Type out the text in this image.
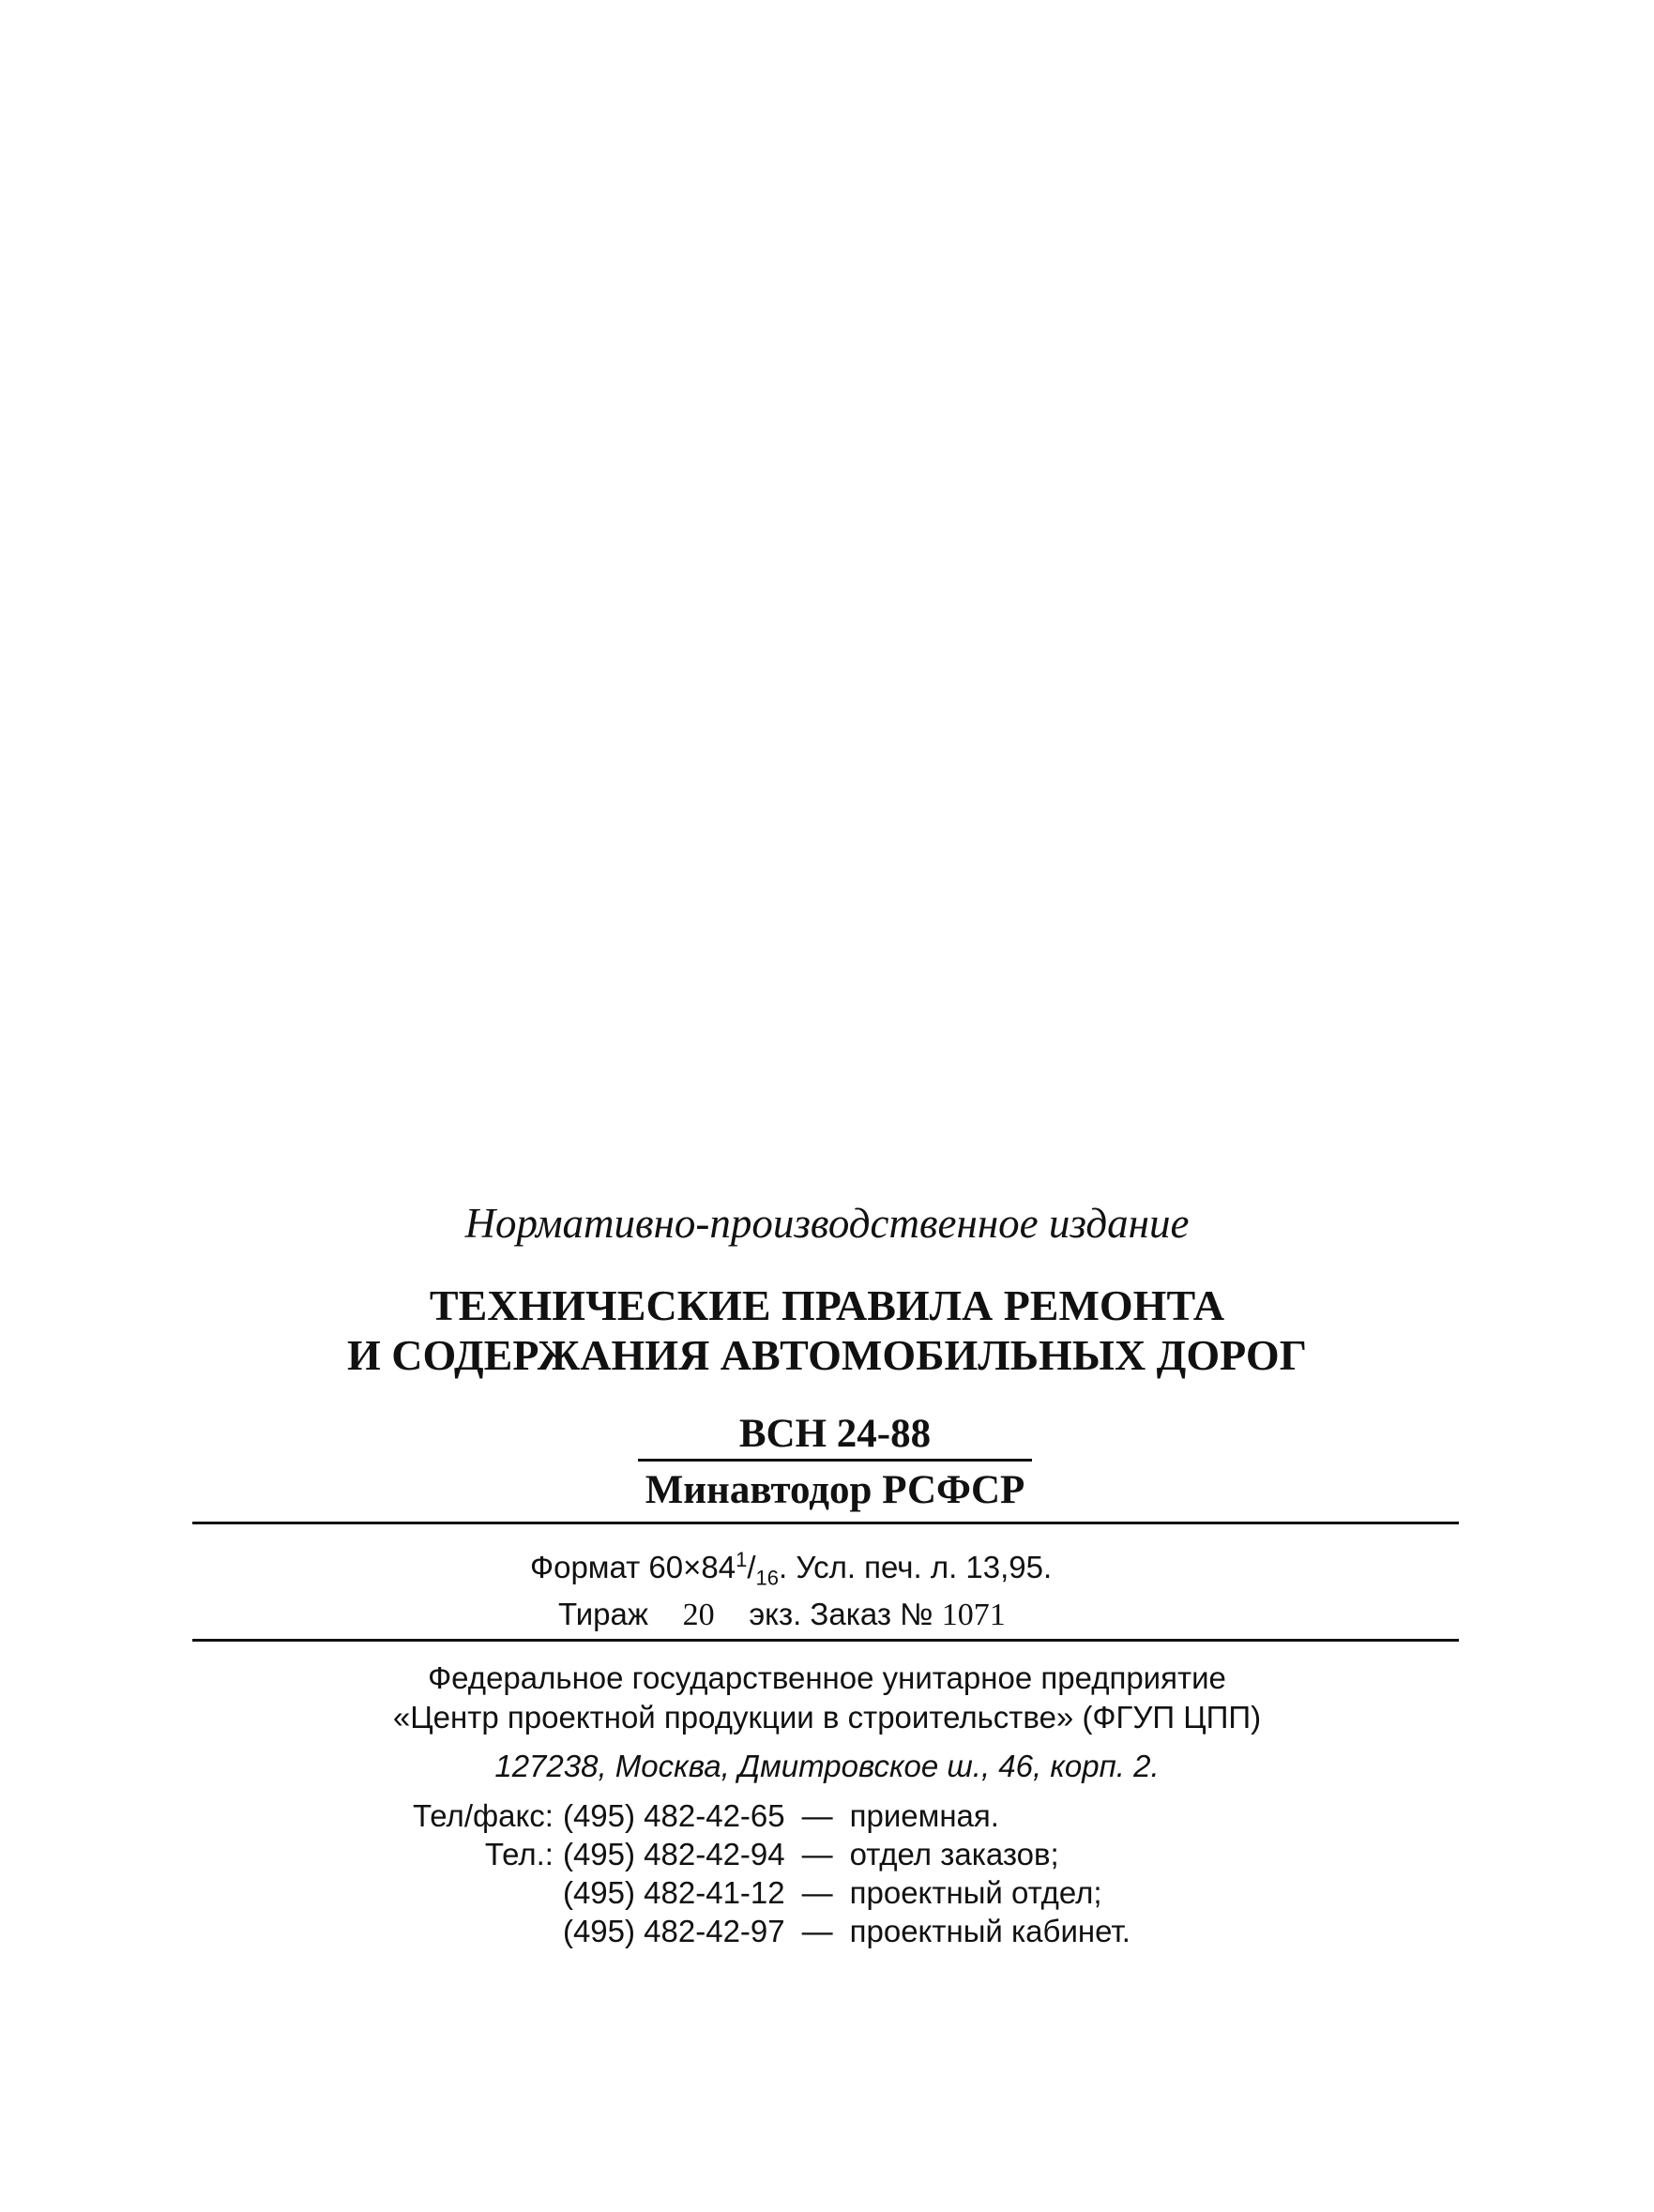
Нормативно-производственное издание
ТЕХНИЧЕСКИЕ ПРАВИЛА РЕМОНТА
И СОДЕРЖАНИЯ АВТОМОБИЛЬНЫХ ДОРОГ
ВСН 24-88
Минавтодор РСФСР
Формат $60\times 84^1/_{16}$. Усл. печ. л. 13,95.
Тираж 20 экз. Заказ № 1071
Федеральное государственное унитарное предприятие
«Центр проектной продукции в строительстве» (ФГУП ЦПП)
127238, Москва, Дмитровское ш., 46, корп. 2.
Тел/факс:	(495) 482-42-65	—	приемная.
Тел.:	(495) 482-42-94	—	отдел заказов;
	(495) 482-41-12	—	проектный отдел;
	(495) 482-42-97	—	проектный кабинет.
